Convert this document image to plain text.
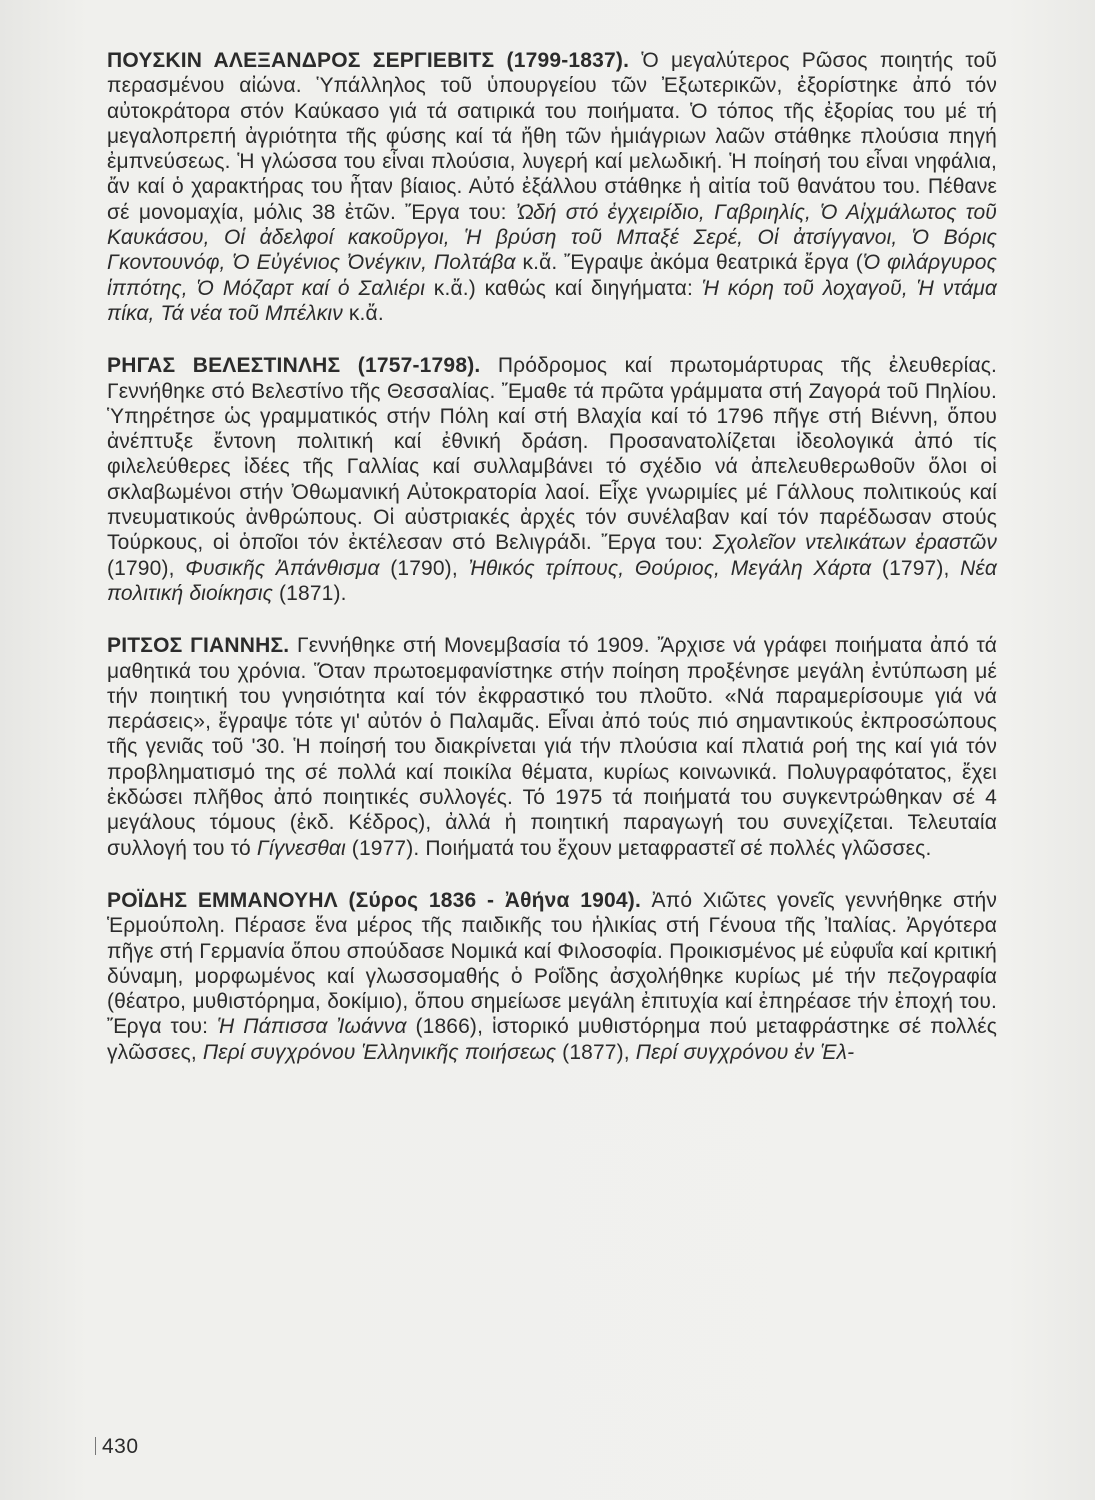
ΠΟΥΣΚΙΝ ΑΛΕΞΑΝΔΡΟΣ ΣΕΡΓΙΕΒΙΤΣ (1799-1837). Ὁ μεγαλύτερος Ρῶσος ποιητής τοῦ περασμένου αἰώνα. Ὑπάλληλος τοῦ ὑπουργείου τῶν Ἐξωτερικῶν, ἐξορίστηκε ἀπό τόν αὐτοκράτορα στόν Καύκασο γιά τά σατιρικά του ποιήματα. Ὁ τόπος τῆς ἐξορίας του μέ τή μεγαλοπρεπή ἀγριότητα τῆς φύσης καί τά ἤθη τῶν ἡμιάγριων λαῶν στάθηκε πλούσια πηγή ἐμπνεύσεως. Ἡ γλώσσα του εἶναι πλούσια, λυγερή καί μελωδική. Ἡ ποίησή του εἶναι νηφάλια, ἄν καί ὁ χαρακτήρας του ἦταν βίαιος. Αὐτό ἐξάλλου στάθηκε ἡ αἰτία τοῦ θανάτου του. Πέθανε σέ μονομαχία, μόλις 38 ἐτῶν. Ἔργα του: Ὠδή στό ἐγχειρίδιο, Γαβριηλίς, Ὁ Αἰχμάλωτος τοῦ Καυκάσου, Οἱ ἀδελφοί κακοῦργοι, Ἡ βρύση τοῦ Μπαξέ Σερέ, Οἱ ἀτσίγγανοι, Ὁ Βόρις Γκοντουνόφ, Ὁ Εὐγένιος Ὀνέγκιν, Πολτάβα κ.ἄ. Ἔγραψε ἀκόμα θεατρικά ἔργα (Ὁ φιλάργυρος ἱππότης, Ὁ Μόζαρτ καί ὁ Σαλιέρι κ.ἄ.) καθώς καί διηγήματα: Ἡ κόρη τοῦ λοχαγοῦ, Ἡ ντάμα πίκα, Τά νέα τοῦ Μπέλκιν κ.ἄ.

ΡΗΓΑΣ ΒΕΛΕΣΤΙΝΛΗΣ (1757-1798). Πρόδρομος καί πρωτομάρτυρας τῆς ἐλευθερίας. Γεννήθηκε στό Βελεστίνο τῆς Θεσσαλίας. Ἔμαθε τά πρῶτα γράμματα στή Ζαγορά τοῦ Πηλίου. Ὑπηρέτησε ὡς γραμματικός στήν Πόλη καί στή Βλαχία καί τό 1796 πῆγε στή Βιέννη, ὅπου ἀνέπτυξε ἔντονη πολιτική καί ἐθνική δράση. Προσανατολίζεται ἰδεολογικά ἀπό τίς φιλελεύθερες ἰδέες τῆς Γαλλίας καί συλλαμβάνει τό σχέδιο νά ἀπελευθερωθοῦν ὅλοι οἱ σκλαβωμένοι στήν Ὀθωμανική Αὐτοκρατορία λαοί. Εἶχε γνωριμίες μέ Γάλλους πολιτικούς καί πνευματικούς ἀνθρώπους. Οἱ αὐστριακές ἀρχές τόν συνέλαβαν καί τόν παρέδωσαν στούς Τούρκους, οἱ ὁποῖοι τόν ἐκτέλεσαν στό Βελιγράδι. Ἔργα του: Σχολεῖον ντελικάτων ἐραστῶν (1790), Φυσικῆς Ἀπάνθισμα (1790), Ἠθικός τρίπους, Θούριος, Μεγάλη Χάρτα (1797), Νέα πολιτική διοίκησις (1871).

ΡΙΤΣΟΣ ΓΙΑΝΝΗΣ. Γεννήθηκε στή Μονεμβασία τό 1909. Ἄρχισε νά γράφει ποιήματα ἀπό τά μαθητικά του χρόνια. Ὅταν πρωτοεμφανίστηκε στήν ποίηση προξένησε μεγάλη ἐντύπωση μέ τήν ποιητική του γνησιότητα καί τόν ἐκφραστικό του πλοῦτο. «Νά παραμερίσουμε γιά νά περάσεις», ἔγραψε τότε γι' αὐτόν ὁ Παλαμᾶς. Εἶναι ἀπό τούς πιό σημαντικούς ἐκπροσώπους τῆς γενιᾶς τοῦ '30. Ἡ ποίησή του διακρίνεται γιά τήν πλούσια καί πλατιά ροή της καί γιά τόν προβληματισμό της σέ πολλά καί ποικίλα θέματα, κυρίως κοινωνικά. Πολυγραφότατος, ἔχει ἐκδώσει πλῆθος ἀπό ποιητικές συλλογές. Τό 1975 τά ποιήματά του συγκεντρώθηκαν σέ 4 μεγάλους τόμους (ἐκδ. Κέδρος), ἀλλά ἡ ποιητική παραγωγή του συνεχίζεται. Τελευταία συλλογή του τό Γίγνεσθαι (1977). Ποιήματά του ἔχουν μεταφραστεῖ σέ πολλές γλῶσσες.

ΡΟΪΔΗΣ ΕΜΜΑΝΟΥΗΛ (Σύρος 1836 - Ἀθήνα 1904). Ἀπό Χιῶτες γονεῖς γεννήθηκε στήν Ἑρμούπολη. Πέρασε ἕνα μέρος τῆς παιδικῆς του ἡλικίας στή Γένουα τῆς Ἰταλίας. Ἀργότερα πῆγε στή Γερμανία ὅπου σπούδασε Νομικά καί Φιλοσοφία. Προικισμένος μέ εὐφυΐα καί κριτική δύναμη, μορφωμένος καί γλωσσομαθής ὁ Ροΐδης ἀσχολήθηκε κυρίως μέ τήν πεζογραφία (θέατρο, μυθιστόρημα, δοκίμιο), ὅπου σημείωσε μεγάλη ἐπιτυχία καί ἐπηρέασε τήν ἐποχή του. Ἔργα του: Ἡ Πάπισσα Ἰωάννα (1866), ἱστορικό μυθιστόρημα πού μεταφράστηκε σέ πολλές γλῶσσες, Περί συγχρόνου Ἑλληνικῆς ποιήσεως (1877), Περί συγχρόνου ἐν Ἑλ-

430
